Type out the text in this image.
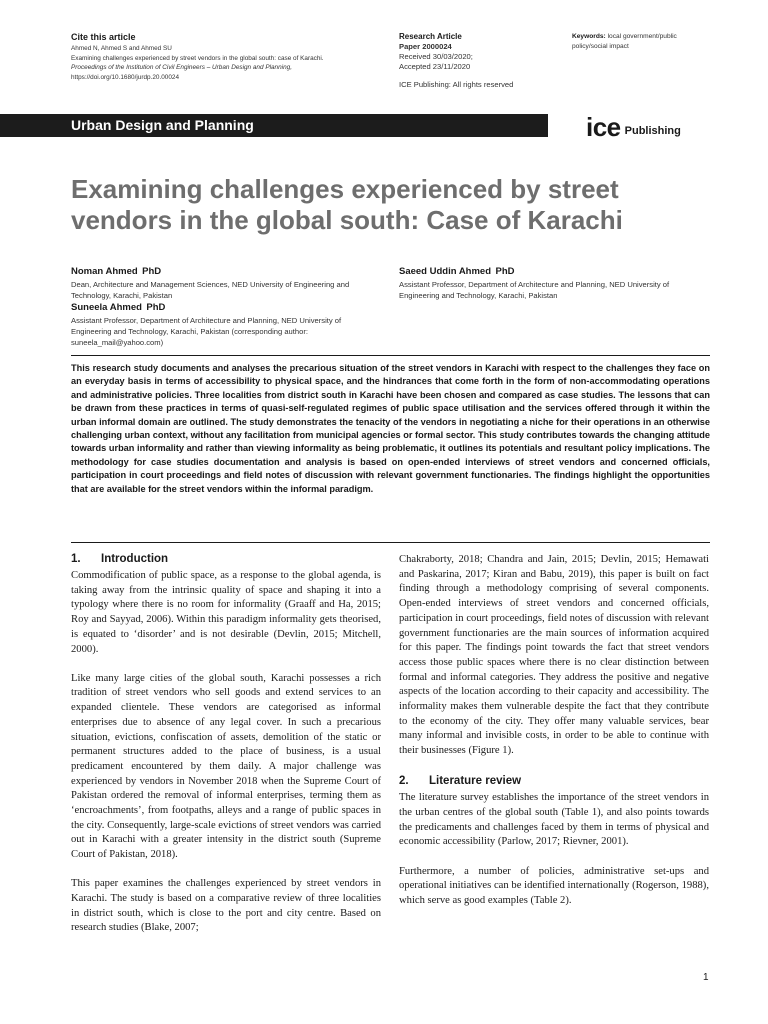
Cite this article
Ahmed N, Ahmed S and Ahmed SU
Examining challenges experienced by street vendors in the global south: case of Karachi.
Proceedings of the Institution of Civil Engineers – Urban Design and Planning,
https://doi.org/10.1680/jurdp.20.00024
Research Article
Paper 2000024
Received 30/03/2020;
Accepted 23/11/2020
ICE Publishing: All rights reserved
Keywords: local government/public policy/social impact
Urban Design and Planning	ice Publishing
Examining challenges experienced by street vendors in the global south: Case of Karachi
Noman Ahmed PhD
Dean, Architecture and Management Sciences, NED University of Engineering and Technology, Karachi, Pakistan
Suneela Ahmed PhD
Assistant Professor, Department of Architecture and Planning, NED University of Engineering and Technology, Karachi, Pakistan (corresponding author: suneela_mail@yahoo.com)
Saeed Uddin Ahmed PhD
Assistant Professor, Department of Architecture and Planning, NED University of Engineering and Technology, Karachi, Pakistan
This research study documents and analyses the precarious situation of the street vendors in Karachi with respect to the challenges they face on an everyday basis in terms of accessibility to physical space, and the hindrances that come forth in the form of non-accommodating operations and administrative policies. Three localities from district south in Karachi have been chosen and compared as case studies. The lessons that can be drawn from these practices in terms of quasi-self-regulated regimes of public space utilisation and the services offered through it within the urban informal domain are outlined. The study demonstrates the tenacity of the vendors in negotiating a niche for their operations in an otherwise challenging urban context, without any facilitation from municipal agencies or formal sector. This study contributes towards the changing attitude towards urban informality and rather than viewing informality as being problematic, it outlines its potentials and resultant policy implications. The methodology for case studies documentation and analysis is based on open-ended interviews of street vendors and concerned officials, participation in court proceedings and field notes of discussion with relevant government functionaries. The findings highlight the opportunities that are available for the street vendors within the informal paradigm.
1. Introduction

Commodification of public space, as a response to the global agenda, is taking away from the intrinsic quality of space and shaping it into a typology where there is no room for informality (Graaff and Ha, 2015; Roy and Sayyad, 2006). Within this paradigm informality gets theorised, is equated to ‘disorder’ and is not desirable (Devlin, 2015; Mitchell, 2000).

Like many large cities of the global south, Karachi possesses a rich tradition of street vendors who sell goods and extend services to an expanded clientele. These vendors are categorised as informal enterprises due to absence of any legal cover. In such a precarious situation, evictions, confiscation of assets, demolition of the static or permanent structures added to the place of business, is a usual predicament encountered by them daily. A major challenge was experienced by vendors in November 2018 when the Supreme Court of Pakistan ordered the removal of informal enterprises, terming them as ‘encroachments’, from footpaths, alleys and a range of public spaces in the city. Consequently, large-scale evictions of street vendors was carried out in Karachi with a greater intensity in the district south (Supreme Court of Pakistan, 2018).

This paper examines the challenges experienced by street vendors in Karachi. The study is based on a comparative review of three localities in district south, which is close to the port and city centre. Based on research studies (Blake, 2007;

Chakraborty, 2018; Chandra and Jain, 2015; Devlin, 2015; Hemawati and Paskarina, 2017; Kiran and Babu, 2019), this paper is built on fact finding through a methodology comprising of several components. Open-ended interviews of street vendors and concerned officials, participation in court proceedings, field notes of discussion with relevant government functionaries are the main sources of information acquired for this paper. The findings point towards the fact that street vendors access those public spaces where there is no clear distinction between formal and informal categories. They address the positive and negative aspects of the location according to their capacity and accessibility. The informality makes them vulnerable despite the fact that they contribute to the economy of the city. They offer many valuable services, bear many informal and invisible costs, in order to be able to continue with their businesses (Figure 1).

2. Literature review

The literature survey establishes the importance of the street vendors in the urban centres of the global south (Table 1), and also points towards the predicaments and challenges faced by them in terms of physical and economic accessibility (Parlow, 2017; Rievner, 2001).

Furthermore, a number of policies, administrative set-ups and operational initiatives can be identified internationally (Rogerson, 1988), which serve as good examples (Table 2).

1
